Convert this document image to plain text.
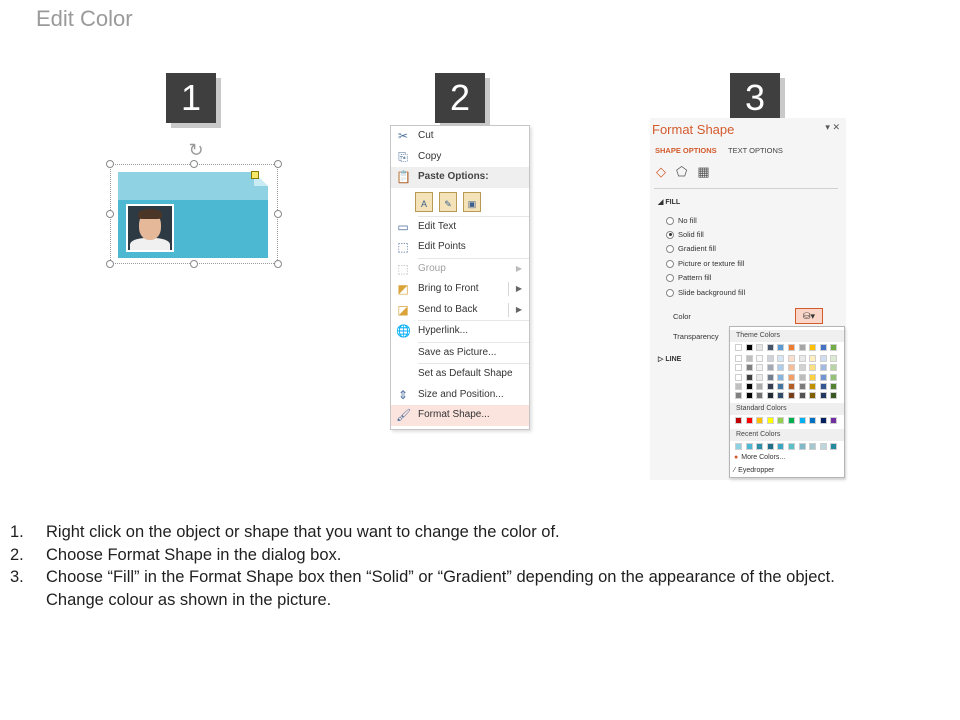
Edit Color
1	2	3
↻
✂ Cut
⎘ Copy
📋 Paste Options:
A	✎	▣
▭ Edit Text
⬚ Edit Points
⬚ Group	▶
◩ Bring to Front	▶
◪ Send to Back	▶
🌐 Hyperlink...
Save as Picture...
Set as Default Shape
⇕ Size and Position...
🖌 Format Shape...
Format Shape	▾ ✕
SHAPE OPTIONS TEXT OPTIONS
◇ ⬠ ▦
◢ FILL
No fill
Solid fill
Gradient fill
Picture or texture fill
Pattern fill
Slide background fill
Color	⛁▾
Transparency
▷ LINE
Theme Colors
Standard Colors
Recent Colors
● More Colors...
⁄ Eyedropper
1. Right click on the object or shape that you want to change the color of.
2. Choose Format Shape in the dialog box.
3. Choose “Fill” in the Format Shape box then “Solid” or “Gradient” depending on the appearance of the object.
Change colour as shown in the picture.
